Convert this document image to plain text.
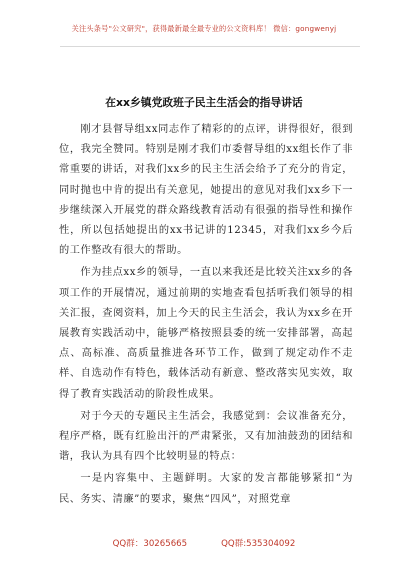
关注头条号"公文研究"，获得最新最全最专业的公文资料库！ 微信：gongwenyj
在xx乡镇党政班子民主生活会的指导讲话

刚才县督导组xx同志作了精彩的的点评，讲得很好，很到位，我完全赞同。特别是刚才我们市委督导组的xx组长作了非常重要的讲话，对我们xx乡的民主生活会给予了充分的肯定，同时抛也中肯的提出有关意见，她提出的意见对我们xx乡下一步继续深入开展党的群众路线教育活动有很强的指导性和操作性，所以包括她提出的xx书记讲的12345，对我们xx乡今后的工作整改有很大的帮助。

作为挂点xx乡的领导，一直以来我还是比较关注xx乡的各项工作的开展情况，通过前期的实地查看包括听我们领导的相关汇报，查阅资料，加上今天的民主生活会，我认为xx乡在开展教育实践活动中，能够严格按照县委的统一安排部署，高起点、高标准、高质量推进各环节工作，做到了规定动作不走样、自选动作有特色，载体活动有新意、整改落实见实效，取得了教育实践活动的阶段性成果。

对于今天的专题民主生活会，我感觉到：会议准备充分，程序严格，既有红脸出汗的严肃紧张，又有加油鼓劲的团结和谐，我认为具有四个比较明显的特点：

一是内容集中、主题鲜明。大家的发言都能够紧扣“为民、务实、清廉”的要求，聚焦“四风”，对照党章

QQ群：30265665	QQ群:535304092
